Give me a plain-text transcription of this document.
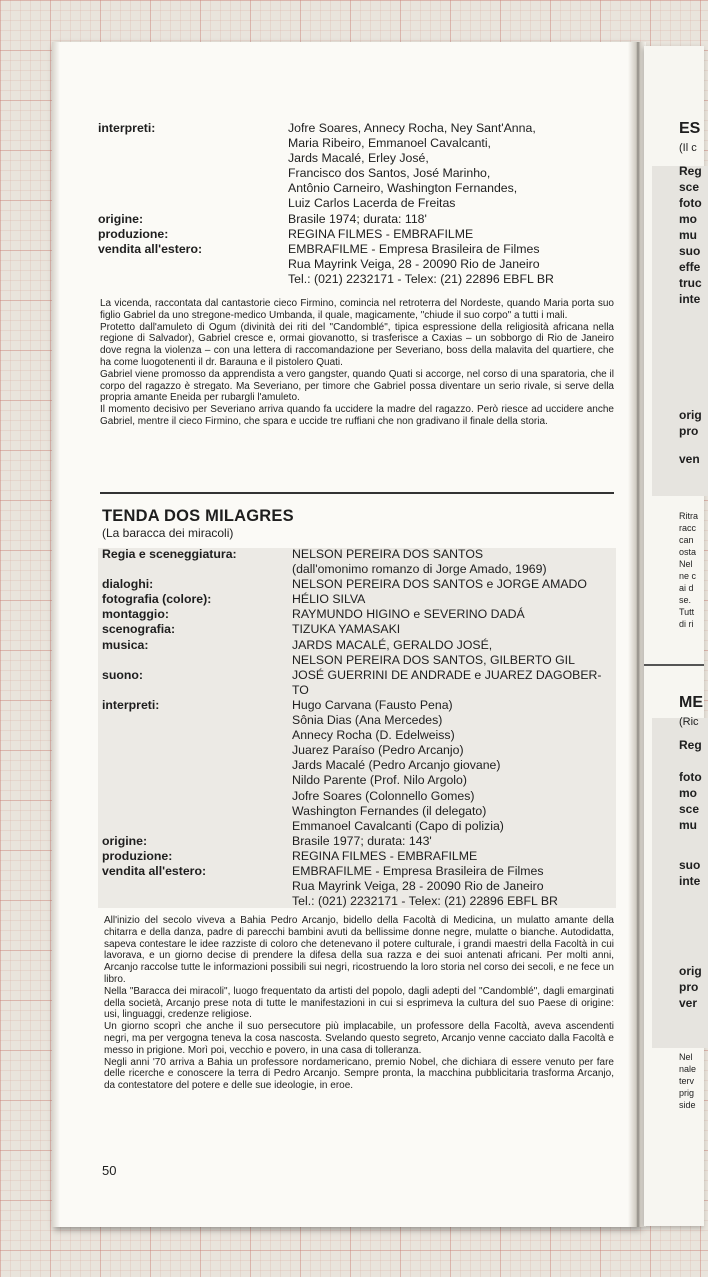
ES
(Il c
Reg
sce
foto
mo
mu
suo
effe
truc
inte
orig
pro
ven
Ritra
racc
can
osta
Nel
ne c
ai d
se.
Tutt
di ri
ME
(Ric
Reg
foto
mo
sce
mu
suo
inte
orig
pro
ver
Nel
nale
terv
prig
side
interpreti:	Jofre Soares, Annecy Rocha, Ney Sant'Anna,
Maria Ribeiro, Emmanoel Cavalcanti,
Jards Macalé, Erley José,
Francisco dos Santos, José Marinho,
Antônio Carneiro, Washington Fernandes,
Luiz Carlos Lacerda de Freitas
origine:	Brasile 1974; durata: 118'
produzione:	REGINA FILMES - EMBRAFILME
vendita all'estero:	EMBRAFILME - Empresa Brasileira de Filmes
Rua Mayrink Veiga, 28 - 20090 Rio de Janeiro
Tel.: (021) 2232171 - Telex: (21) 22896 EBFL BR

La vicenda, raccontata dal cantastorie cieco Firmino, comincia nel retroterra del Nordeste, quando Maria porta suo figlio Gabriel da uno stregone-medico Umbanda, il quale, magicamente, "chiude il suo corpo" a tutti i mali.

Protetto dall'amuleto di Ogum (divinità dei riti del "Candomblé", tipica espressione della religiosità africana nella regione di Salvador), Gabriel cresce e, ormai giovanotto, si trasferisce a Caxias – un sobborgo di Rio de Janeiro dove regna la violenza – con una lettera di raccomandazione per Severiano, boss della malavita del quartiere, che ha come luogotenenti il dr. Barauna e il pistolero Quati.

Gabriel viene promosso da apprendista a vero gangster, quando Quati si accorge, nel corso di una sparatoria, che il corpo del ragazzo è stregato. Ma Severiano, per timore che Gabriel possa diventare un serio rivale, si serve della propria amante Eneida per rubargli l'amuleto.

Il momento decisivo per Severiano arriva quando fa uccidere la madre del ragazzo. Però riesce ad uccidere anche Gabriel, mentre il cieco Firmino, che spara e uccide tre ruffiani che non gradivano il finale della storia.

TENDA DOS MILAGRES
(La baracca dei miracoli)
Regia e sceneggiatura:	NELSON PEREIRA DOS SANTOS
(dall'omonimo romanzo di Jorge Amado, 1969)
dialoghi:	NELSON PEREIRA DOS SANTOS e JORGE AMADO
fotografia (colore):	HÉLIO SILVA
montaggio:	RAYMUNDO HIGINO e SEVERINO DADÁ
scenografia:	TIZUKA YAMASAKI
musica:	JARDS MACALÉ, GERALDO JOSÉ,
NELSON PEREIRA DOS SANTOS, GILBERTO GIL
suono:	JOSÉ GUERRINI DE ANDRADE e JUAREZ DAGOBER-
TO
interpreti:	Hugo Carvana (Fausto Pena)
Sônia Dias (Ana Mercedes)
Annecy Rocha (D. Edelweiss)
Juarez Paraíso (Pedro Arcanjo)
Jards Macalé (Pedro Arcanjo giovane)
Nildo Parente (Prof. Nilo Argolo)
Jofre Soares (Colonnello Gomes)
Washington Fernandes (il delegato)
Emmanoel Cavalcanti (Capo di polizia)
origine:	Brasile 1977; durata: 143'
produzione:	REGINA FILMES - EMBRAFILME
vendita all'estero:	EMBRAFILME - Empresa Brasileira de Filmes
Rua Mayrink Veiga, 28 - 20090 Rio de Janeiro
Tel.: (021) 2232171 - Telex: (21) 22896 EBFL BR

All'inizio del secolo viveva a Bahia Pedro Arcanjo, bidello della Facoltà di Medicina, un mulatto amante della chitarra e della danza, padre di parecchi bambini avuti da bellissime donne negre, mulatte o bianche. Autodidatta, sapeva contestare le idee razziste di coloro che detenevano il potere culturale, i grandi maestri della Facoltà in cui lavorava, e un giorno decise di prendere la difesa della sua razza e dei suoi antenati africani. Per molti anni, Arcanjo raccolse tutte le informazioni possibili sui negri, ricostruendo la loro storia nel corso dei secoli, e ne fece un libro.

Nella "Baracca dei miracoli", luogo frequentato da artisti del popolo, dagli adepti del "Candomblé", dagli emarginati della società, Arcanjo prese nota di tutte le manifestazioni in cui si esprimeva la cultura del suo Paese di origine: usi, linguaggi, credenze religiose.

Un giorno scoprì che anche il suo persecutore più implacabile, un professore della Facoltà, aveva ascendenti negri, ma per vergogna teneva la cosa nascosta. Svelando questo segreto, Arcanjo venne cacciato dalla Facoltà e messo in prigione. Morì poi, vecchio e povero, in una casa di tolleranza.

Negli anni '70 arriva a Bahia un professore nordamericano, premio Nobel, che dichiara di essere venuto per fare delle ricerche e conoscere la terra di Pedro Arcanjo. Sempre pronta, la macchina pubblicitaria trasforma Arcanjo, da contestatore del potere e delle sue ideologie, in eroe.

50
